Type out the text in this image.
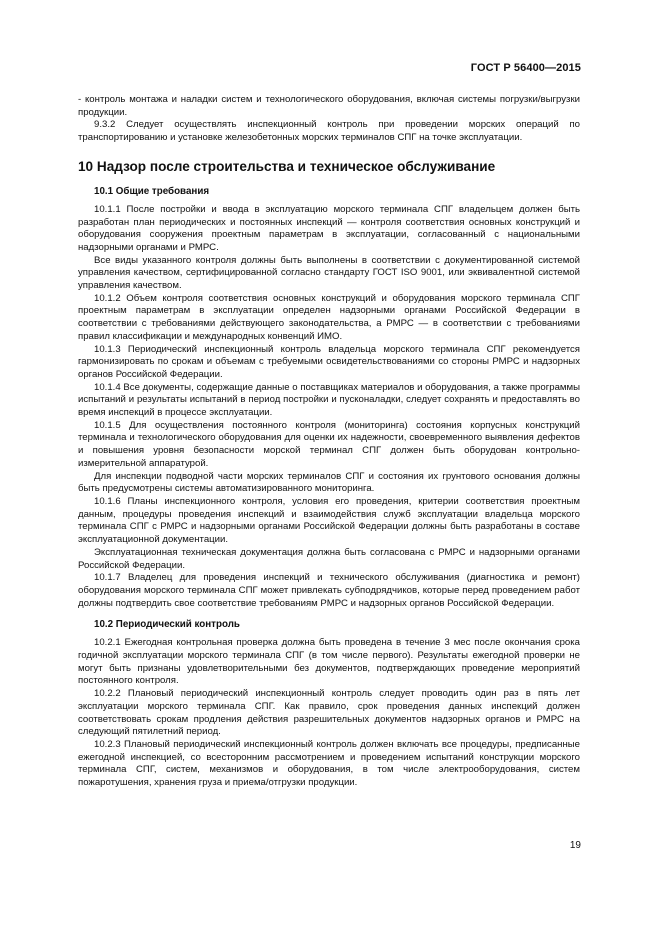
ГОСТ Р 56400—2015

- контроль монтажа и наладки систем и технологического оборудования, включая системы погрузки/выгрузки продукции.

9.3.2 Следует осуществлять инспекционный контроль при проведении морских операций по транспортированию и установке железобетонных морских терминалов СПГ на точке эксплуатации.

10 Надзор после строительства и техническое обслуживание
10.1 Общие требования

10.1.1 После постройки и ввода в эксплуатацию морского терминала СПГ владельцем должен быть разработан план периодических и постоянных инспекций — контроля соответствия основных конструкций и оборудования сооружения проектным параметрам в эксплуатации, согласованный с национальными надзорными органами и РМРС.

Все виды указанного контроля должны быть выполнены в соответствии с документированной системой управления качеством, сертифицированной согласно стандарту ГОСТ ISO 9001, или эквивалентной системой управления качеством.

10.1.2 Объем контроля соответствия основных конструкций и оборудования морского терминала СПГ проектным параметрам в эксплуатации определен надзорными органами Российской Федерации в соответствии с требованиями действующего законодательства, а РМРС — в соответствии с требованиями правил классификации и международных конвенций ИМО.

10.1.3 Периодический инспекционный контроль владельца морского терминала СПГ рекомендуется гармонизировать по срокам и объемам с требуемыми освидетельствованиями со стороны РМРС и надзорных органов Российской Федерации.

10.1.4 Все документы, содержащие данные о поставщиках материалов и оборудования, а также программы испытаний и результаты испытаний в период постройки и пусконаладки, следует сохранять и предоставлять во время инспекций в процессе эксплуатации.

10.1.5 Для осуществления постоянного контроля (мониторинга) состояния корпусных конструкций терминала и технологического оборудования для оценки их надежности, своевременного выявления дефектов и повышения уровня безопасности морской терминал СПГ должен быть оборудован контрольно-измерительной аппаратурой.

Для инспекции подводной части морских терминалов СПГ и состояния их грунтового основания должны быть предусмотрены системы автоматизированного мониторинга.

10.1.6 Планы инспекционного контроля, условия его проведения, критерии соответствия проектным данным, процедуры проведения инспекций и взаимодействия служб эксплуатации владельца морского терминала СПГ с РМРС и надзорными органами Российской Федерации должны быть разработаны в составе эксплуатационной документации.

Эксплуатационная техническая документация должна быть согласована с РМРС и надзорными органами Российской Федерации.

10.1.7 Владелец для проведения инспекций и технического обслуживания (диагностика и ремонт) оборудования морского терминала СПГ может привлекать субподрядчиков, которые перед проведением работ должны подтвердить свое соответствие требованиям РМРС и надзорных органов Российской Федерации.

10.2 Периодический контроль

10.2.1 Ежегодная контрольная проверка должна быть проведена в течение 3 мес после окончания срока годичной эксплуатации морского терминала СПГ (в том числе первого). Результаты ежегодной проверки не могут быть признаны удовлетворительными без документов, подтверждающих проведение мероприятий постоянного контроля.

10.2.2 Плановый периодический инспекционный контроль следует проводить один раз в пять лет эксплуатации морского терминала СПГ. Как правило, срок проведения данных инспекций должен соответствовать срокам продления действия разрешительных документов надзорных органов и РМРС на следующий пятилетний период.

10.2.3 Плановый периодический инспекционный контроль должен включать все процедуры, предписанные ежегодной инспекцией, со всесторонним рассмотрением и проведением испытаний конструкции морского терминала СПГ, систем, механизмов и оборудования, в том числе электрооборудования, систем пожаротушения, хранения груза и приема/отгрузки продукции.

19
